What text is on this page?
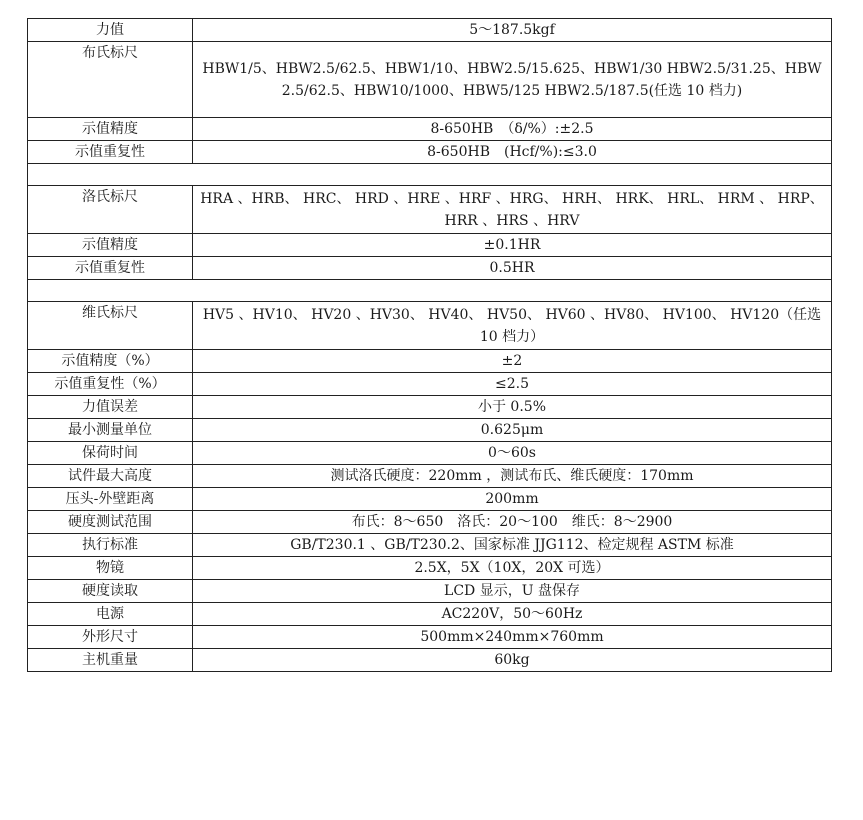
力值	5～187.5kgf
布氏标尺	HBW1/5、HBW2.5/62.5、HBW1/10、HBW2.5/15.625、HBW1/30 HBW2.5/31.25、HBW2.5/62.5、HBW10/1000、HBW5/125 HBW2.5/187.5(任选 10 档力)
示值精度	8-650HB　（δ/%）:±2.5
示值重复性	8-650HB　(Hcf/%):≤3.0

洛氏标尺	HRA 、HRB、 HRC、 HRD 、HRE 、HRF 、HRG、 HRH、 HRK、 HRL、 HRM 、 HRP、 HRR 、HRS 、HRV
示值精度	±0.1HR
示值重复性	0.5HR

维氏标尺	HV5 、HV10、 HV20 、HV30、 HV40、 HV50、 HV60 、HV80、 HV100、 HV120（任选 10 档力）
示值精度（%）	±2
示值重复性（%）	≤2.5
力值误差	小于 0.5%
最小测量单位	0.625μm
保荷时间	0～60s
试件最大高度	测试洛氏硬度：220mm ，测试布氏、维氏硬度：170mm
压头-外壁距离	200mm
硬度测试范围	布氏：8～650　洛氏：20～100　维氏：8～2900
执行标准	GB/T230.1 、GB/T230.2、国家标准 JJG112、检定规程 ASTM 标准
物镜	2.5X，5X（10X，20X 可选）
硬度读取	LCD 显示，U 盘保存
电源	AC220V，50～60Hz
外形尺寸	500mm×240mm×760mm
主机重量	60kg
